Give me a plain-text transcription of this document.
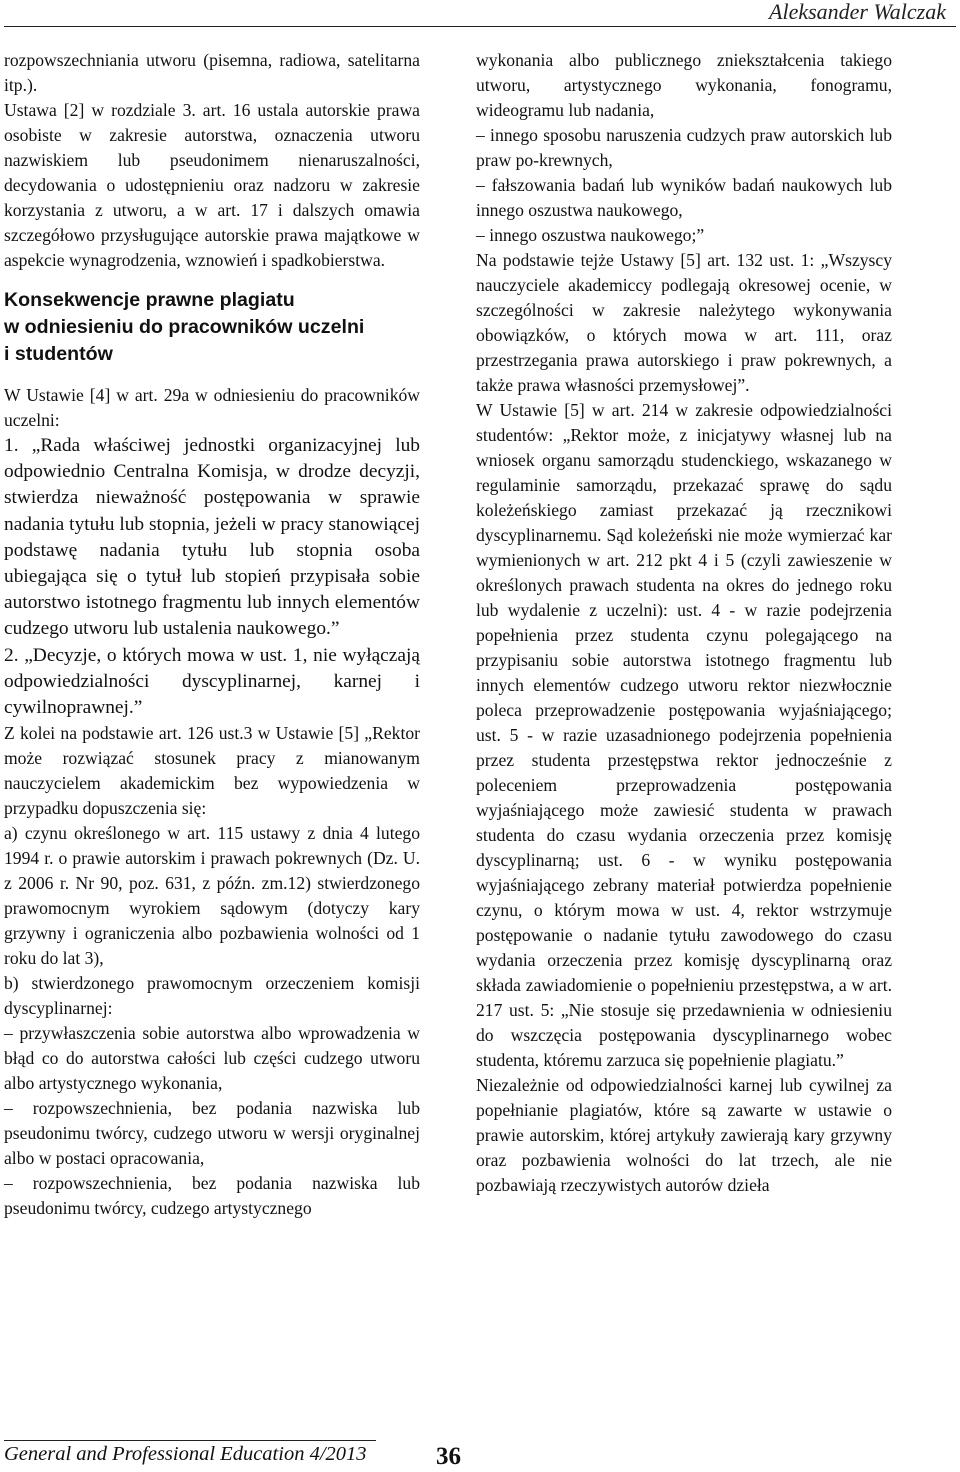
Aleksander Walczak

rozpowszechniania utworu (pisemna, radiowa, satelitarna itp.).

Ustawa [2] w rozdziale 3. art. 16 ustala autorskie prawa osobiste w zakresie autorstwa, oznaczenia utworu nazwiskiem lub pseudonimem nienaruszalności, decydowania o udostępnieniu oraz nadzoru w zakresie korzystania z utworu, a w art. 17 i dalszych omawia szczegółowo przysługujące autorskie prawa majątkowe w aspekcie wynagrodzenia, wznowień i spadkobierstwa.

Konsekwencje prawne plagiatu
w odniesieniu do pracowników uczelni
i studentów

W Ustawie [4] w art. 29a w odniesieniu do pracowników uczelni:

1. „Rada właściwej jednostki organizacyjnej lub odpowiednio Centralna Komisja, w drodze decyzji, stwierdza nieważność postępowania w sprawie nadania tytułu lub stopnia, jeżeli w pracy stanowiącej podstawę nadania tytułu lub stopnia osoba ubiegająca się o tytuł lub stopień przypisała sobie autorstwo istotnego fragmentu lub innych elementów cudzego utworu lub ustalenia naukowego.”

2. „Decyzje, o których mowa w ust. 1, nie wyłączają odpowiedzialności dyscyplinarnej, karnej i cywilnoprawnej.”

Z kolei na podstawie art. 126 ust.3 w Ustawie [5] „Rektor może rozwiązać stosunek pracy z mianowanym nauczycielem akademickim bez wypowiedzenia w przypadku dopuszczenia się:

a) czynu określonego w art. 115 ustawy z dnia 4 lutego 1994 r. o prawie autorskim i prawach pokrewnych (Dz. U. z 2006 r. Nr 90, poz. 631, z późn. zm.12) stwierdzonego prawomocnym wyrokiem sądowym (dotyczy kary grzywny i ograniczenia albo pozbawienia wolności od 1 roku do lat 3),

b) stwierdzonego prawomocnym orzeczeniem komisji dyscyplinarnej:

– przywłaszczenia sobie autorstwa albo wprowadzenia w błąd co do autorstwa całości lub części cudzego utworu albo artystycznego wykonania,

– rozpowszechnienia, bez podania nazwiska lub pseudonimu twórcy, cudzego utworu w wersji oryginalnej albo w postaci opracowania,

– rozpowszechnienia, bez podania nazwiska lub pseudonimu twórcy, cudzego artystycznego

wykonania albo publicznego zniekształcenia takiego utworu, artystycznego wykonania, fonogramu, wideogramu lub nadania,

– innego sposobu naruszenia cudzych praw autorskich lub praw po-krewnych,

– fałszowania badań lub wyników badań naukowych lub innego oszustwa naukowego,

– innego oszustwa naukowego;”

Na podstawie tejże Ustawy [5] art. 132 ust. 1: „Wszyscy nauczyciele akademiccy podlegają okresowej ocenie, w szczególności w zakresie należytego wykonywania obowiązków, o których mowa w art. 111, oraz przestrzegania prawa autorskiego i praw pokrewnych, a także prawa własności przemysłowej”.

W Ustawie [5] w art. 214 w zakresie odpowiedzialności studentów: „Rektor może, z inicjatywy własnej lub na wniosek organu samorządu studenckiego, wskazanego w regulaminie samorządu, przekazać sprawę do sądu koleżeńskiego zamiast przekazać ją rzecznikowi dyscyplinarnemu. Sąd koleżeński nie może wymierzać kar wymienionych w art. 212 pkt 4 i 5 (czyli zawieszenie w określonych prawach studenta na okres do jednego roku lub wydalenie z uczelni): ust. 4 - w razie podejrzenia popełnienia przez studenta czynu polegającego na przypisaniu sobie autorstwa istotnego fragmentu lub innych elementów cudzego utworu rektor niezwłocznie poleca przeprowadzenie postępowania wyjaśniającego; ust. 5 - w razie uzasadnionego podejrzenia popełnienia przez studenta przestępstwa rektor jednocześnie z poleceniem przeprowadzenia postępowania wyjaśniającego może zawiesić studenta w prawach studenta do czasu wydania orzeczenia przez komisję dyscyplinarną; ust. 6 - w wyniku postępowania wyjaśniającego zebrany materiał potwierdza popełnienie czynu, o którym mowa w ust. 4, rektor wstrzymuje postępowanie o nadanie tytułu zawodowego do czasu wydania orzeczenia przez komisję dyscyplinarną oraz składa zawiadomienie o popełnieniu przestępstwa, a w art. 217 ust. 5: „Nie stosuje się przedawnienia w odniesieniu do wszczęcia postępowania dyscyplinarnego wobec studenta, któremu zarzuca się popełnienie plagiatu.”

Niezależnie od odpowiedzialności karnej lub cywilnej za popełnianie plagiatów, które są zawarte w ustawie o prawie autorskim, której artykuły zawierają kary grzywny oraz pozbawienia wolności do lat trzech, ale nie pozbawiają rzeczywistych autorów dzieła

General and Professional Education 4/2013	36
